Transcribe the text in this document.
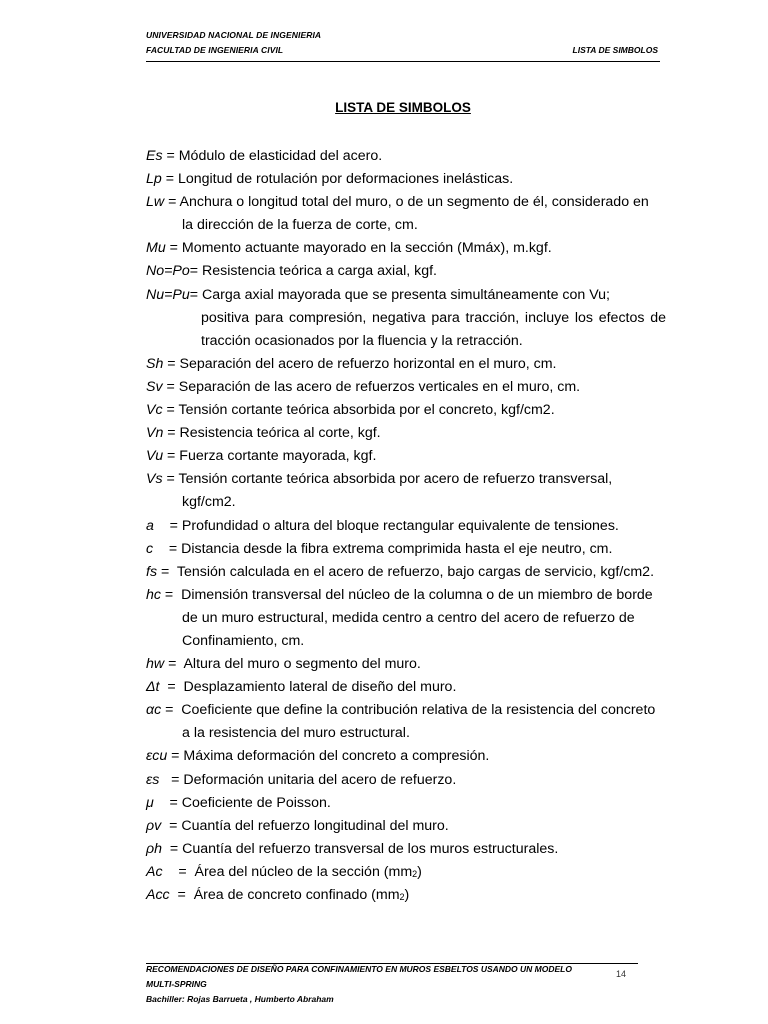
UNIVERSIDAD NACIONAL DE INGENIERIA
FACULTAD DE INGENIERIA CIVIL	LISTA DE SIMBOLOS
LISTA DE SIMBOLOS
Es = Módulo de elasticidad del acero.
Lp = Longitud de rotulación por deformaciones inelásticas.
Lw = Anchura o longitud total del muro, o de un segmento de él, considerado en
la dirección de la fuerza de corte, cm.
Mu = Momento actuante mayorado en la sección (Mmáx), m.kgf.
No=Po= Resistencia teórica a carga axial, kgf.
Nu=Pu= Carga axial mayorada que se presenta simultáneamente con Vu;
positiva para compresión, negativa para tracción, incluye los efectos de
tracción ocasionados por la fluencia y la retracción.
Sh = Separación del acero de refuerzo horizontal en el muro, cm.
Sv = Separación de las acero de refuerzos verticales en el muro, cm.
Vc = Tensión cortante teórica absorbida por el concreto, kgf/cm2.
Vn = Resistencia teórica al corte, kgf.
Vu = Fuerza cortante mayorada, kgf.
Vs = Tensión cortante teórica absorbida por acero de refuerzo transversal,
kgf/cm2.
a    = Profundidad o altura del bloque rectangular equivalente de tensiones.
c    = Distancia desde la fibra extrema comprimida hasta el eje neutro, cm.
fs =  Tensión calculada en el acero de refuerzo, bajo cargas de servicio, kgf/cm2.
hc =  Dimensión transversal del núcleo de la columna o de un miembro de borde
de un muro estructural, medida centro a centro del acero de refuerzo de
Confinamiento, cm.
hw =  Altura del muro o segmento del muro.
Δt  =  Desplazamiento lateral de diseño del muro.
αc =  Coeficiente que define la contribución relativa de la resistencia del concreto
a la resistencia del muro estructural.
εcu = Máxima deformación del concreto a compresión.
εs   = Deformación unitaria del acero de refuerzo.
μ    = Coeficiente de Poisson.
ρv  = Cuantía del refuerzo longitudinal del muro.
ρh  = Cuantía del refuerzo transversal de los muros estructurales.
Ac    =  Área del núcleo de la sección $(mm_2)$
Acc  =  Área de concreto confinado $(mm_2)$
RECOMENDACIONES DE DISEÑO PARA CONFINAMIENTO EN MUROS ESBELTOS USANDO UN MODELO
MULTI-SPRING
Bachiller: Rojas Barrueta , Humberto Abraham
14
